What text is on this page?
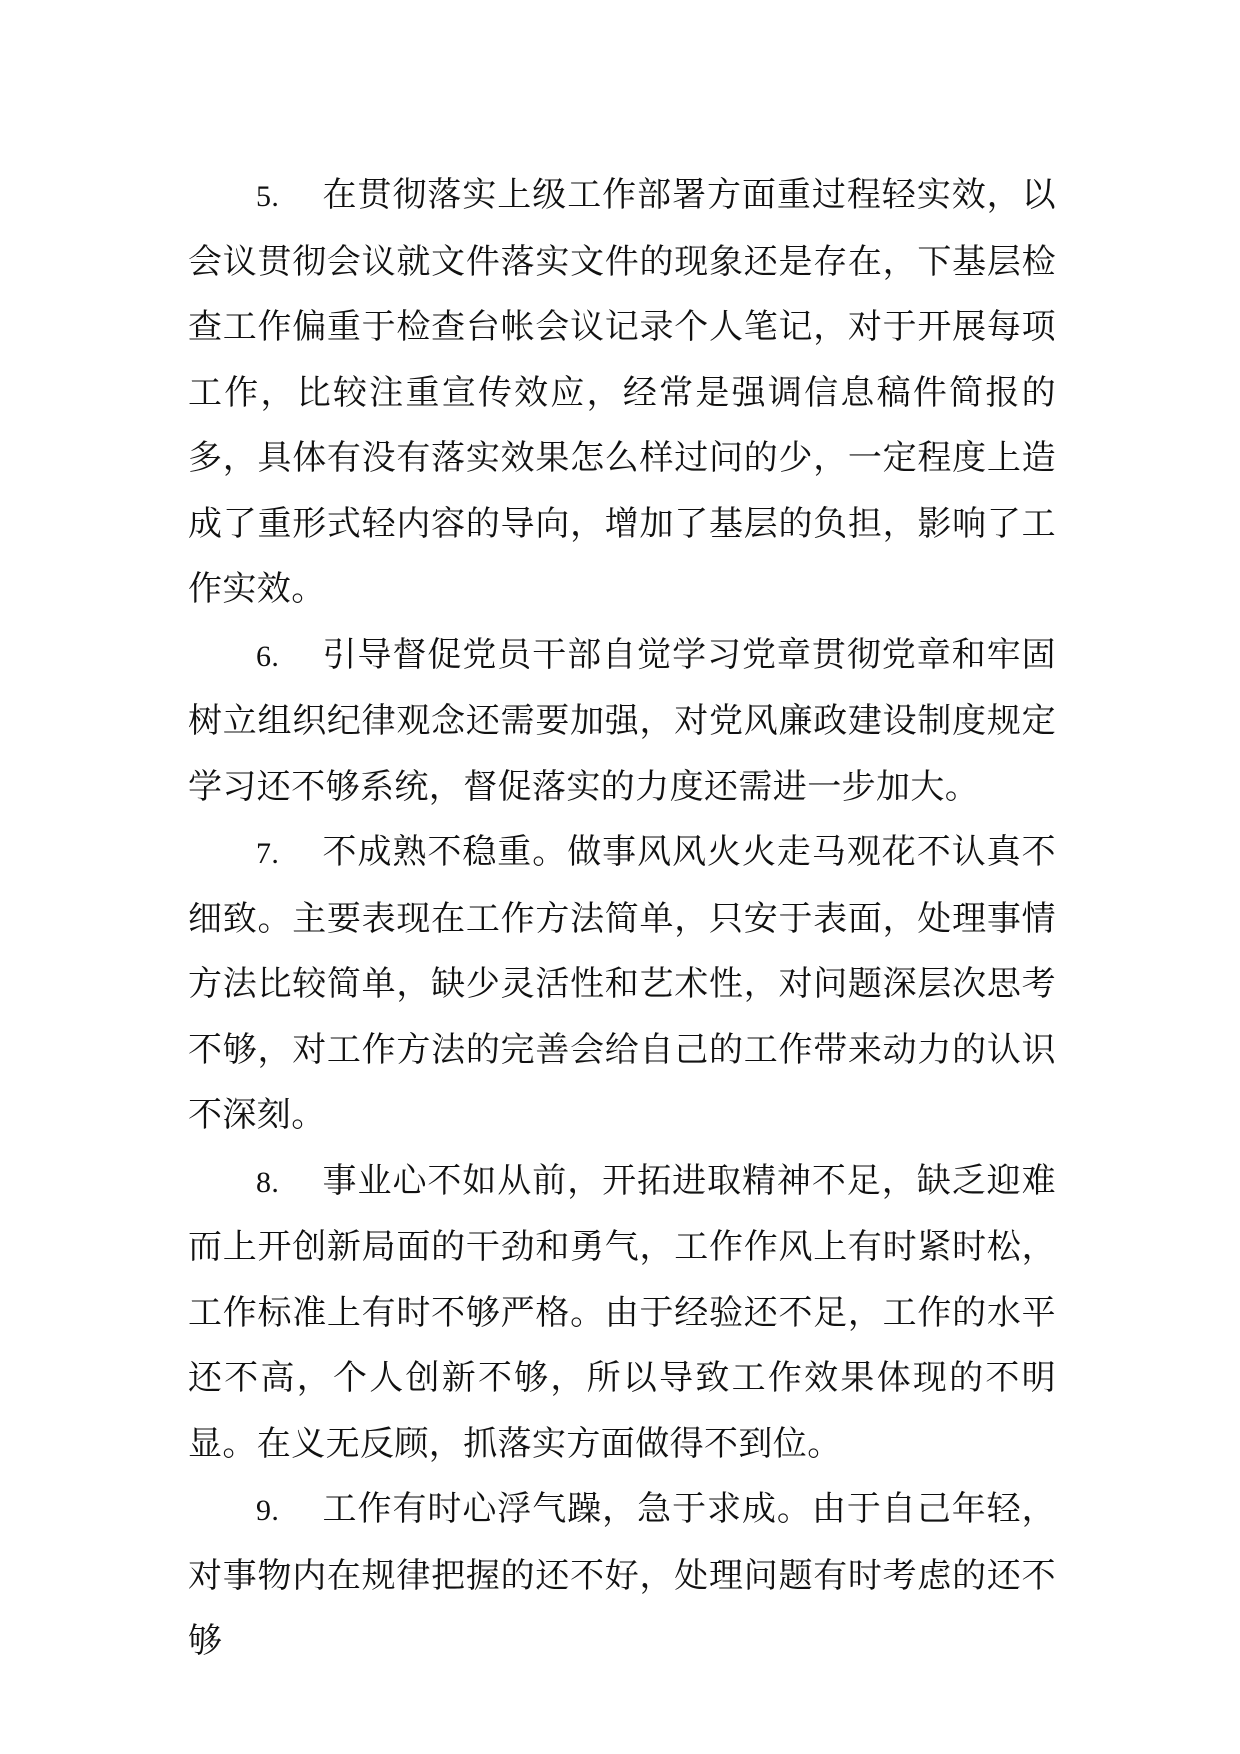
5. 在贯彻落实上级工作部署方面重过程轻实效，以会议贯彻会议就文件落实文件的现象还是存在，下基层检查工作偏重于检查台帐会议记录个人笔记，对于开展每项工作，比较注重宣传效应，经常是强调信息稿件简报的多，具体有没有落实效果怎么样过问的少，一定程度上造成了重形式轻内容的导向，增加了基层的负担，影响了工作实效。

6. 引导督促党员干部自觉学习党章贯彻党章和牢固树立组织纪律观念还需要加强，对党风廉政建设制度规定学习还不够系统，督促落实的力度还需进一步加大。

7. 不成熟不稳重。做事风风火火走马观花不认真不细致。主要表现在工作方法简单，只安于表面，处理事情方法比较简单，缺少灵活性和艺术性，对问题深层次思考不够，对工作方法的完善会给自己的工作带来动力的认识不深刻。

8. 事业心不如从前，开拓进取精神不足，缺乏迎难而上开创新局面的干劲和勇气，工作作风上有时紧时松，工作标准上有时不够严格。由于经验还不足，工作的水平还不高，个人创新不够，所以导致工作效果体现的不明显。在义无反顾，抓落实方面做得不到位。

9. 工作有时心浮气躁，急于求成。由于自己年轻，对事物内在规律把握的还不好，处理问题有时考虑的还不够
